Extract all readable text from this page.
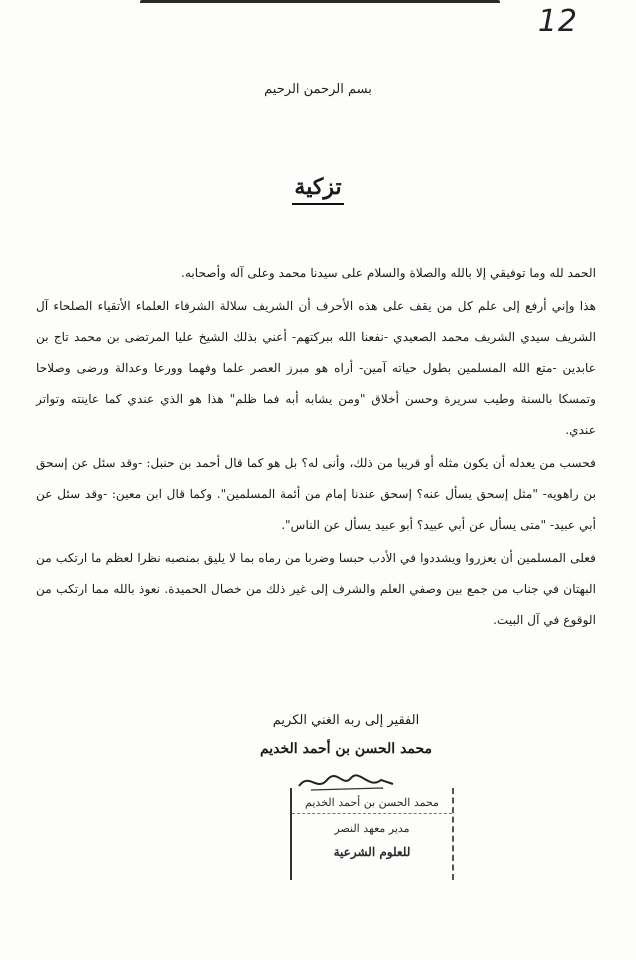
12
بسم الرحمن الرحيم
تزكية

الحمد لله وما توفيقي إلا بالله والصلاة والسلام على سيدنا محمد وعلى آله وأصحابه.

هذا وإني أرفع إلى علم كل من يقف على هذه الأحرف أن الشريف سلالة الشرفاء العلماء الأتقياء الصلحاء آل الشريف سيدي الشريف محمد الصعيدي -نفعنا الله ببركتهم- أعني بذلك الشيخ عليا المرتضى بن محمد تاج بن عابدين -متع الله المسلمين بطول حياته آمين- أراه هو مبرز العصر علما وفهما وورعا وعدالة ورضى وصلاحا وتمسكا بالسنة وطيب سريرة وحسن أخلاق "ومن يشابه أبه فما ظلم" هذا هو الذي عندي كما عاينته وتواتر عندي.

فحسب من يعدله أن يكون مثله أو قريبا من ذلك، وأنى له؟ بل هو كما قال أحمد بن حنبل: -وقد سئل عن إسحق بن راهويه- "مثل إسحق يسأل عنه؟ إسحق عندنا إمام من أئمة المسلمين". وكما قال ابن معين: -وقد سئل عن أبي عبيد- "متى يسأل عن أبي عبيد؟ أبو عبيد يسأل عن الناس".

فعلى المسلمين أن يعزروا ويشددوا في الأدب حبسا وضربا من رماه بما لا يليق بمنصبه نظرا لعظم ما ارتكب من البهتان في جناب من جمع بين وصفي العلم والشرف إلى غير ذلك من خصال الحميدة. نعوذ بالله مما ارتكب من الوقوع في آل البيت.

الفقير إلى ربه الغني الكريم
محمد الحسن بن أحمد الخديم
محمد الحسن بن أحمد الخديم
مدير معهد النصر
للعلوم الشرعية
